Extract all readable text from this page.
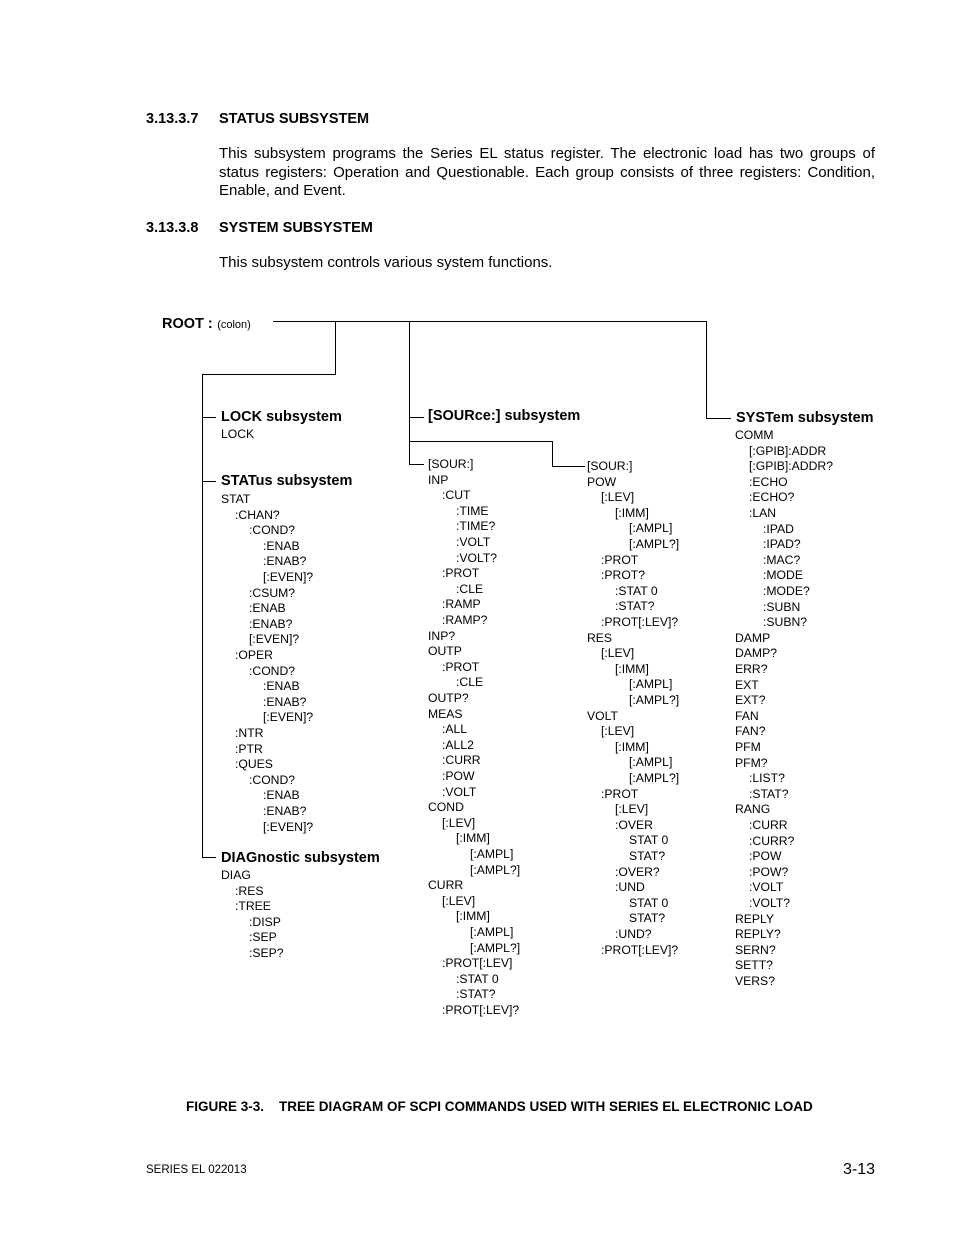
3.13.3.7 STATUS SUBSYSTEM
This subsystem programs the Series EL status register. The electronic load has two groups of status registers: Operation and Questionable. Each group consists of three registers: Condition, Enable, and Event.
3.13.3.8 SYSTEM SUBSYSTEM
This subsystem controls various system functions.
ROOT : (colon)
LOCK subsystem
STATus subsystem
DIAGnostic subsystem
[SOURce:] subsystem	SYSTem subsystem
LOCK
STAT
:CHAN?
:COND?
:ENAB
:ENAB?
[:EVEN]?
:CSUM?
:ENAB
:ENAB?
[:EVEN]?
:OPER
:COND?
:ENAB
:ENAB?
[:EVEN]?
:NTR
:PTR
:QUES
:COND?
:ENAB
:ENAB?
[:EVEN]?
DIAG
:RES
:TREE
:DISP
:SEP
:SEP?
[SOUR:]
INP
:CUT
:TIME
:TIME?
:VOLT
:VOLT?
:PROT
:CLE
:RAMP
:RAMP?
INP?
OUTP
:PROT
:CLE
OUTP?
MEAS
:ALL
:ALL2
:CURR
:POW
:VOLT
COND
[:LEV]
[:IMM]
[:AMPL]
[:AMPL?]
CURR
[:LEV]
[:IMM]
[:AMPL]
[:AMPL?]
:PROT[:LEV]
:STAT 0
:STAT?
:PROT[:LEV]?
[SOUR:]
POW
[:LEV]
[:IMM]
[:AMPL]
[:AMPL?]
:PROT
:PROT?
:STAT 0
:STAT?
:PROT[:LEV]?
RES
[:LEV]
[:IMM]
[:AMPL]
[:AMPL?]
VOLT
[:LEV]
[:IMM]
[:AMPL]
[:AMPL?]
:PROT
[:LEV]
:OVER
STAT 0
STAT?
:OVER?
:UND
STAT 0
STAT?
:UND?
:PROT[:LEV]?
COMM
[:GPIB]:ADDR
[:GPIB]:ADDR?
:ECHO
:ECHO?
:LAN
:IPAD
:IPAD?
:MAC?
:MODE
:MODE?
:SUBN
:SUBN?
DAMP
DAMP?
ERR?
EXT
EXT?
FAN
FAN?
PFM
PFM?
:LIST?
:STAT?
RANG
:CURR
:CURR?
:POW
:POW?
:VOLT
:VOLT?
REPLY
REPLY?
SERN?
SETT?
VERS?
FIGURE 3-3.    TREE DIAGRAM OF SCPI COMMANDS USED WITH SERIES EL ELECTRONIC LOAD
SERIES EL 022013	3-13
